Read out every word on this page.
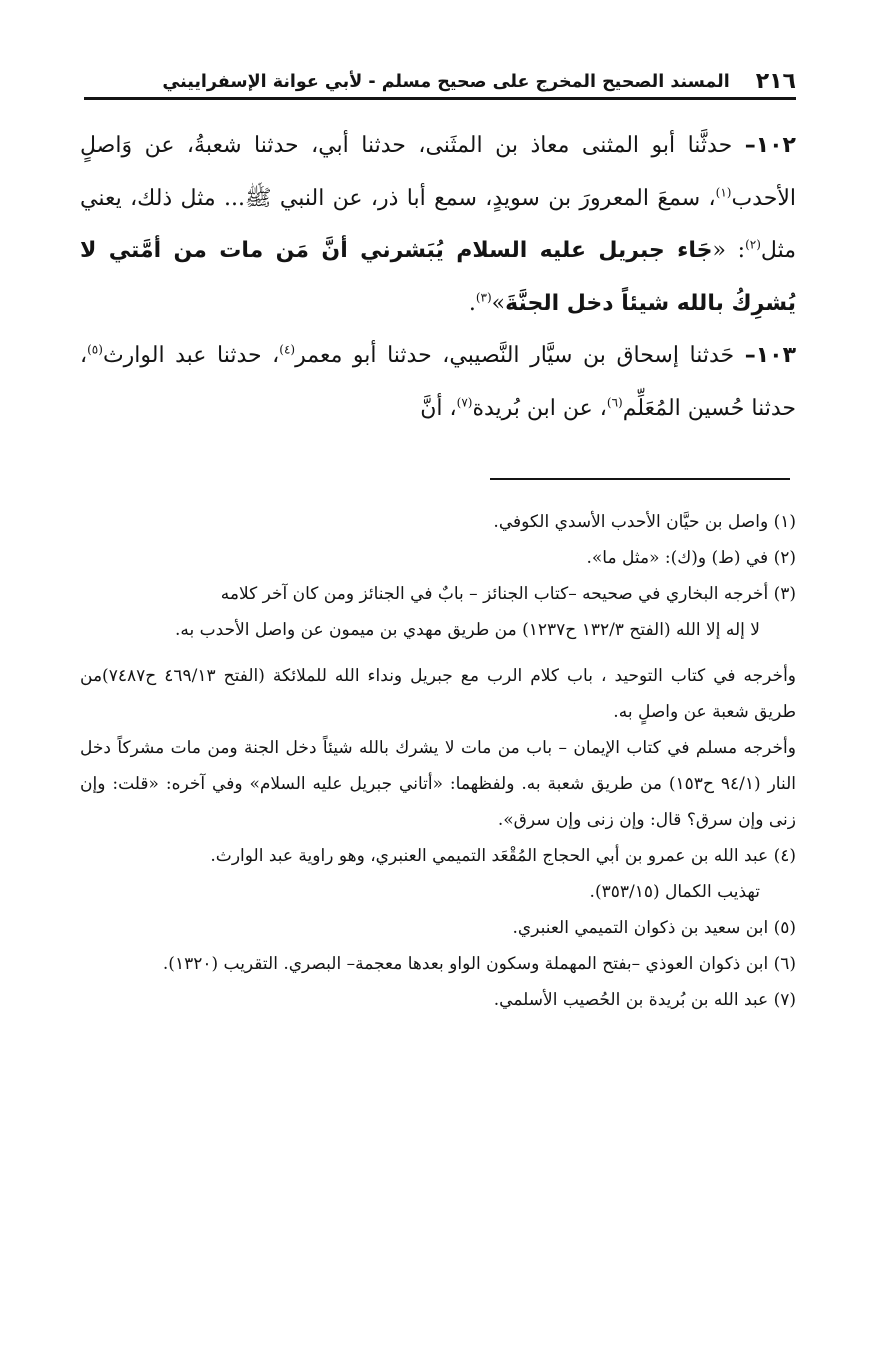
٢١٦
المسند الصحيح المخرج على صحيح مسلم - لأبي عوانة الإسفراييني

١٠٢– حدثَّنا أبو المثنى معاذ بن المثَنى، حدثنا أبي، حدثنا شعبةُ، عن وَاصلٍ الأحدب$^{(١)}$، سمعَ المعرورَ بن سويدٍ، سمع أبا ذر، عن النبي ﷺ... مثل ذلك، يعني مثل$^{(٢)}$: «جَاء جبريل عليه السلام يُبَشرني أنَّ مَن مات من أمَّتي لا يُشرِكُ بالله شيئاً دخل الجنَّةَ»$^{(٣)}$.

١٠٣– حَدثنا إسحاق بن سيَّار النَّصيبي، حدثنا أبو معمر$^{(٤)}$، حدثنا عبد الوارث$^{(٥)}$، حدثنا حُسين المُعَلِّم$^{(٦)}$، عن ابن بُريدة$^{(٧)}$، أنَّ

(١) واصل بن حيَّان الأحدب الأسدي الكوفي.

(٢) في (ط) و(ك): «مثل ما».

(٣) أخرجه البخاري في صحيحه –كتاب الجنائز – بابٌ في الجنائز ومن كان آخر كلامه

لا إله إلا الله (الفتح ١٣٢/٣ ح١٢٣٧) من طريق مهدي بن ميمون عن واصل الأحدب به.

وأخرجه في كتاب التوحيد ، باب كلام الرب مع جبريل ونداء الله للملائكة (الفتح ٤٦٩/١٣ ح٧٤٨٧)من طريق شعبة عن واصلٍ به.

وأخرجه مسلم في كتاب الإيمان – باب من مات لا يشرك بالله شيئاً دخل الجنة ومن مات مشركاً دخل النار (٩٤/١ ح١٥٣) من طريق شعبة به. ولفظهما: «أتاني جبريل عليه السلام» وفي آخره: «قلت: وإن زنى وإن سرق؟ قال: وإن زنى وإن سرق».

(٤) عبد الله بن عمرو بن أبي الحجاج المُقْعَد التميمي العنبري، وهو راوية عبد الوارث.

تهذيب الكمال (٣٥٣/١٥).

(٥) ابن سعيد بن ذكوان التميمي العنبري.

(٦) ابن ذكوان العوذي –بفتح المهملة وسكون الواو بعدها معجمة– البصري. التقريب (١٣٢٠).

(٧) عبد الله بن بُريدة بن الحُصيب الأسلمي.
